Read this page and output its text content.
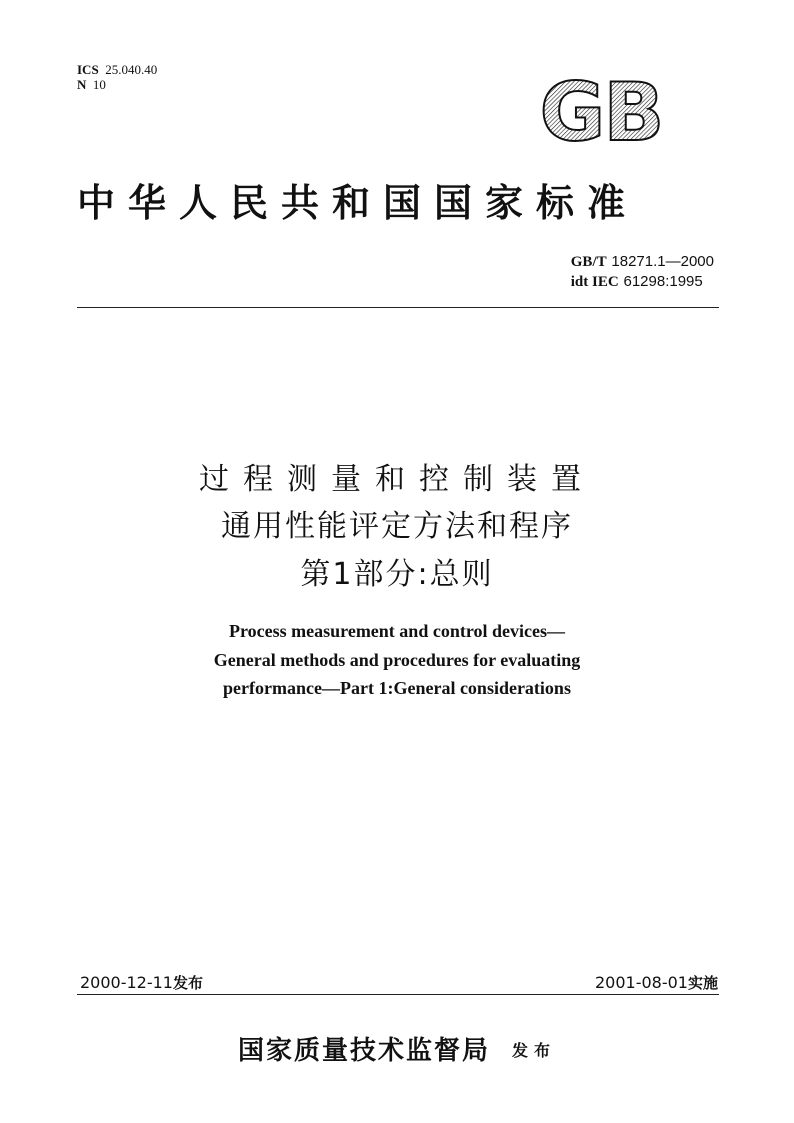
ICS 25.040.40
N 10	GB
中华人民共和国国家标准
GB/T 18271.1—2000
idt IEC 61298:1995
过程测量和控制装置
通用性能评定方法和程序
第1部分:总则
Process measurement and control devices—
General methods and procedures for evaluating
performance—Part 1:General considerations
2000-12-11发布	2001-08-01实施
国家质量技术监督局 发布
